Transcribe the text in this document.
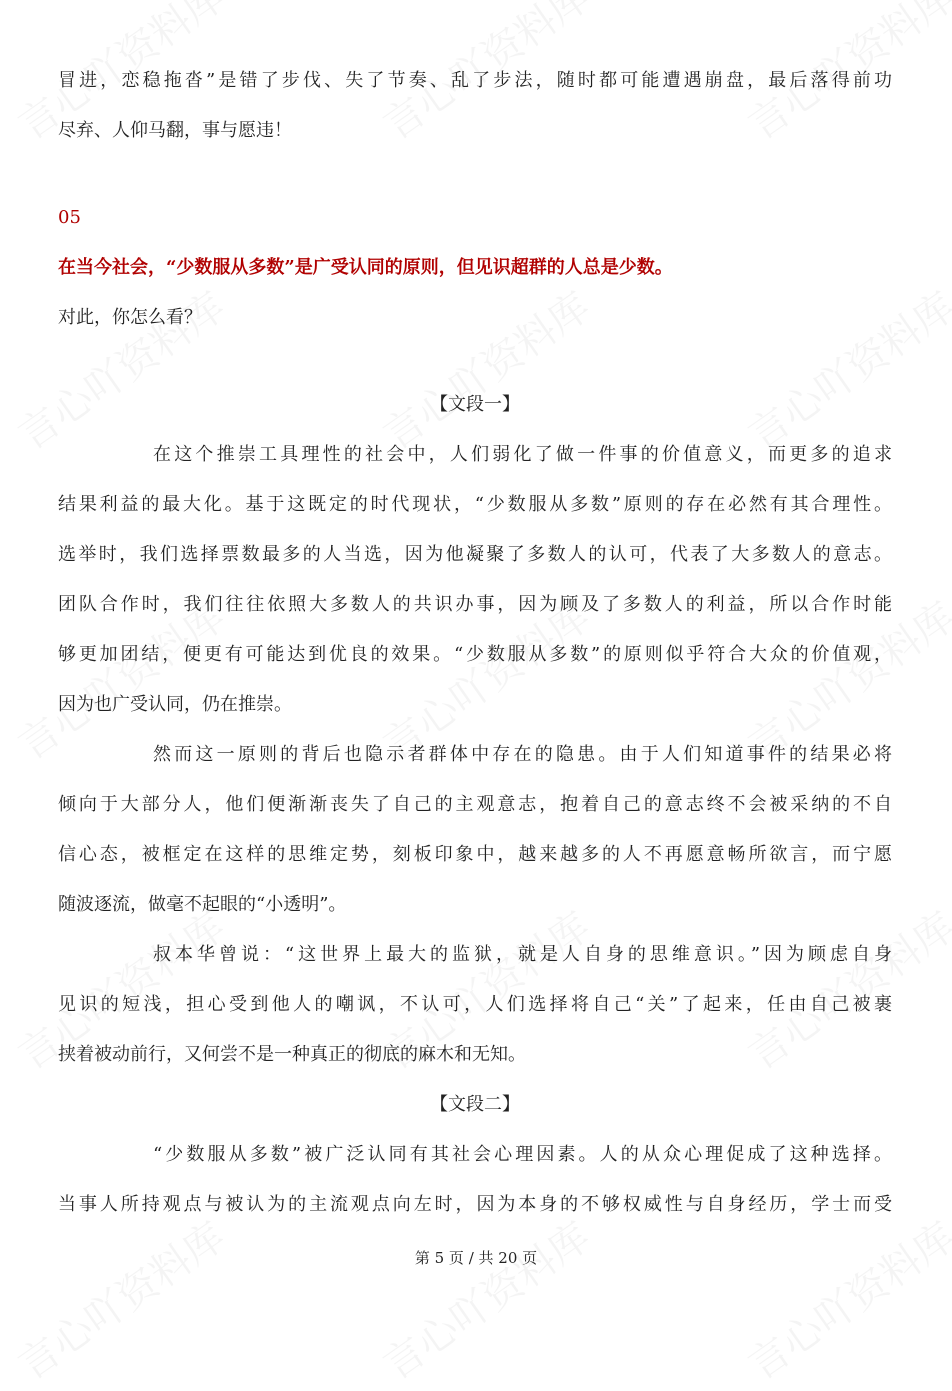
冒进，恋稳拖沓”是错了步伐、失了节奏、乱了步法，随时都可能遭遇崩盘，最后落得前功
尽弃、人仰马翻，事与愿违！
05
在当今社会，“少数服从多数”是广受认同的原则，但见识超群的人总是少数。
对此，你怎么看？
【文段一】
在这个推崇工具理性的社会中，人们弱化了做一件事的价值意义，而更多的追求
结果利益的最大化。基于这既定的时代现状，“少数服从多数”原则的存在必然有其合理性。
选举时，我们选择票数最多的人当选，因为他凝聚了多数人的认可，代表了大多数人的意志。
团队合作时，我们往往依照大多数人的共识办事，因为顾及了多数人的利益，所以合作时能
够更加团结，便更有可能达到优良的效果。“少数服从多数”的原则似乎符合大众的价值观，
因为也广受认同，仍在推崇。
然而这一原则的背后也隐示者群体中存在的隐患。由于人们知道事件的结果必将
倾向于大部分人，他们便渐渐丧失了自己的主观意志，抱着自己的意志终不会被采纳的不自
信心态，被框定在这样的思维定势，刻板印象中，越来越多的人不再愿意畅所欲言，而宁愿
随波逐流，做毫不起眼的“小透明”。
叔本华曾说：“这世界上最大的监狱，就是人自身的思维意识。”因为顾虑自身
见识的短浅，担心受到他人的嘲讽，不认可，人们选择将自己“关”了起来，任由自己被裹
挟着被动前行，又何尝不是一种真正的彻底的麻木和无知。
【文段二】
“少数服从多数”被广泛认同有其社会心理因素。人的从众心理促成了这种选择。
当事人所持观点与被认为的主流观点向左时，因为本身的不够权威性与自身经历，学士而受
第 5 页 / 共 20 页
